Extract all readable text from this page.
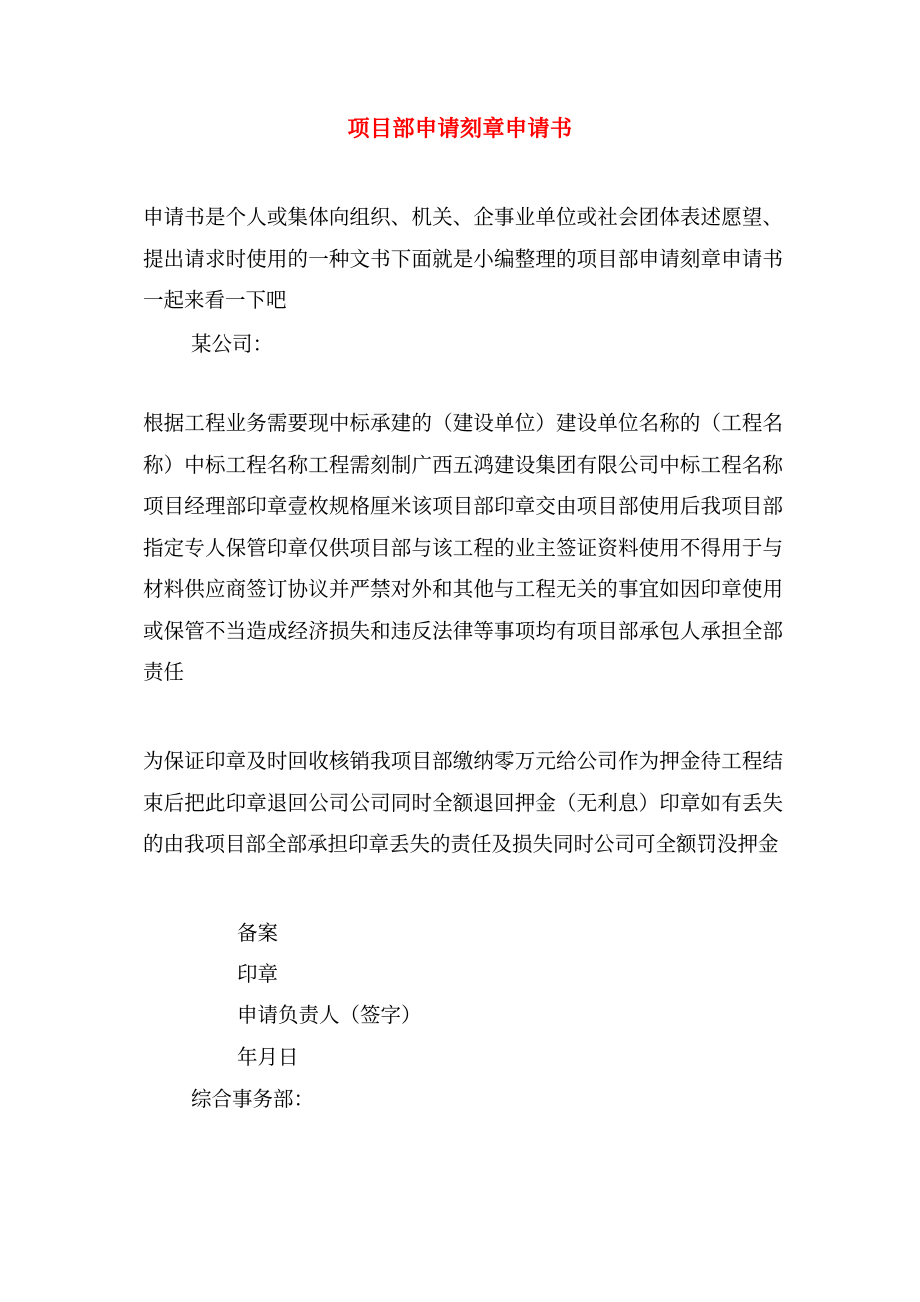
项目部申请刻章申请书
申请书是个人或集体向组织、机关、企事业单位或社会团体表述愿望、提出请求时使用的一种文书下面就是小编整理的项目部申请刻章申请书一起来看一下吧
某公司：
根据工程业务需要现中标承建的（建设单位）建设单位名称的（工程名称）中标工程名称工程需刻制广西五鸿建设集团有限公司中标工程名称项目经理部印章壹枚规格厘米该项目部印章交由项目部使用后我项目部指定专人保管印章仅供项目部与该工程的业主签证资料使用不得用于与材料供应商签订协议并严禁对外和其他与工程无关的事宜如因印章使用或保管不当造成经济损失和违反法律等事项均有项目部承包人承担全部责任
为保证印章及时回收核销我项目部缴纳零万元给公司作为押金待工程结束后把此印章退回公司公司同时全额退回押金（无利息）印章如有丢失的由我项目部全部承担印章丢失的责任及损失同时公司可全额罚没押金
备案
印章
申请负责人（签字）
年月日
综合事务部：
